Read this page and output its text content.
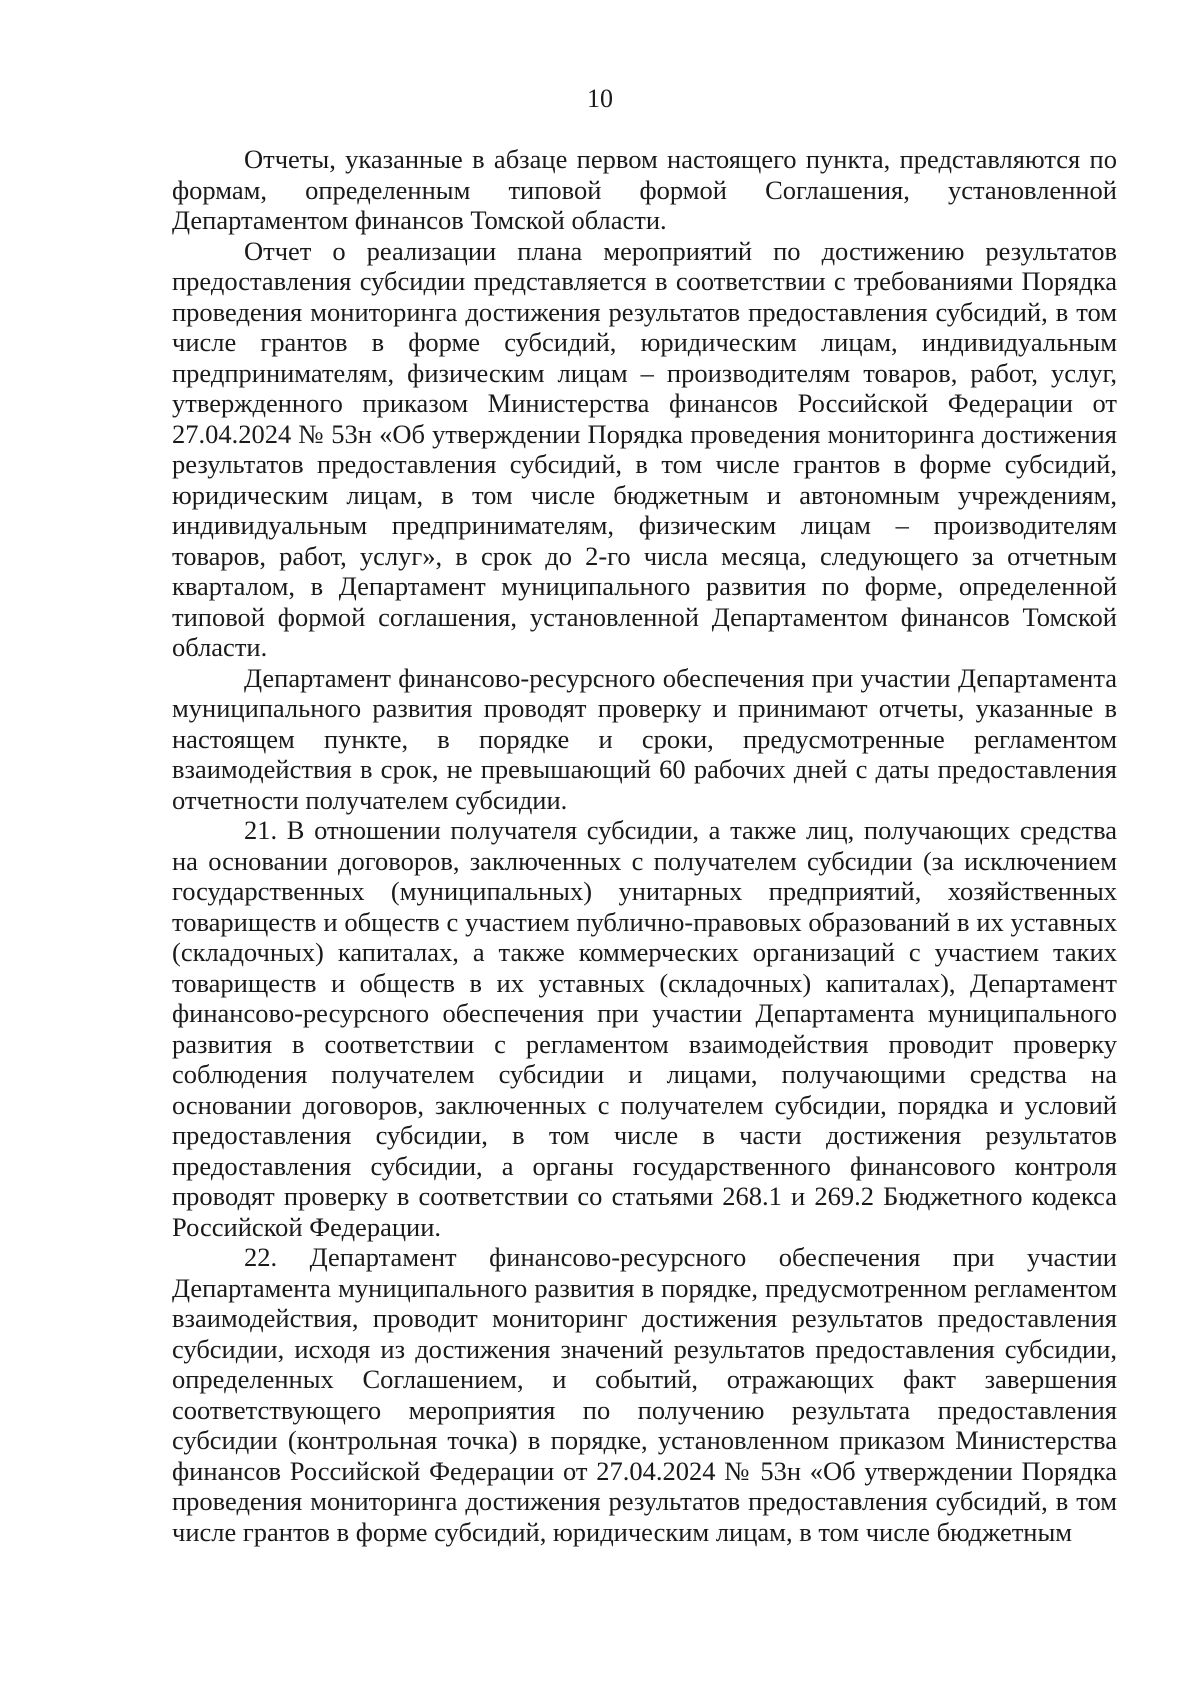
10

Отчеты, указанные в абзаце первом настоящего пункта, представляются по формам, определенным типовой формой Соглашения, установленной Департаментом финансов Томской области.

Отчет о реализации плана мероприятий по достижению результатов предоставления субсидии представляется в соответствии с требованиями Порядка проведения мониторинга достижения результатов предоставления субсидий, в том числе грантов в форме субсидий, юридическим лицам, индивидуальным предпринимателям, физическим лицам – производителям товаров, работ, услуг, утвержденного приказом Министерства финансов Российской Федерации от 27.04.2024 № 53н «Об утверждении Порядка проведения мониторинга достижения результатов предоставления субсидий, в том числе грантов в форме субсидий, юридическим лицам, в том числе бюджетным и автономным учреждениям, индивидуальным предпринимателям, физическим лицам – производителям товаров, работ, услуг», в срок до 2-го числа месяца, следующего за отчетным кварталом, в Департамент муниципального развития по форме, определенной типовой формой соглашения, установленной Департаментом финансов Томской области.

Департамент финансово-ресурсного обеспечения при участии Департамента муниципального развития проводят проверку и принимают отчеты, указанные в настоящем пункте, в порядке и сроки, предусмотренные регламентом взаимодействия в срок, не превышающий 60 рабочих дней с даты предоставления отчетности получателем субсидии.

21. В отношении получателя субсидии, а также лиц, получающих средства на основании договоров, заключенных с получателем субсидии (за исключением государственных (муниципальных) унитарных предприятий, хозяйственных товариществ и обществ с участием публично-правовых образований в их уставных (складочных) капиталах, а также коммерческих организаций с участием таких товариществ и обществ в их уставных (складочных) капиталах), Департамент финансово-ресурсного обеспечения при участии Департамента муниципального развития в соответствии с регламентом взаимодействия проводит проверку соблюдения получателем субсидии и лицами, получающими средства на основании договоров, заключенных с получателем субсидии, порядка и условий предоставления субсидии, в том числе в части достижения результатов предоставления субсидии, а органы государственного финансового контроля проводят проверку в соответствии со статьями 268.1 и 269.2 Бюджетного кодекса Российской Федерации.

22. Департамент финансово-ресурсного обеспечения при участии Департамента муниципального развития в порядке, предусмотренном регламентом взаимодействия, проводит мониторинг достижения результатов предоставления субсидии, исходя из достижения значений результатов предоставления субсидии, определенных Соглашением, и событий, отражающих факт завершения соответствующего мероприятия по получению результата предоставления субсидии (контрольная точка) в порядке, установленном приказом Министерства финансов Российской Федерации от 27.04.2024 № 53н «Об утверждении Порядка проведения мониторинга достижения результатов предоставления субсидий, в том числе грантов в форме субсидий, юридическим лицам, в том числе бюджетным
